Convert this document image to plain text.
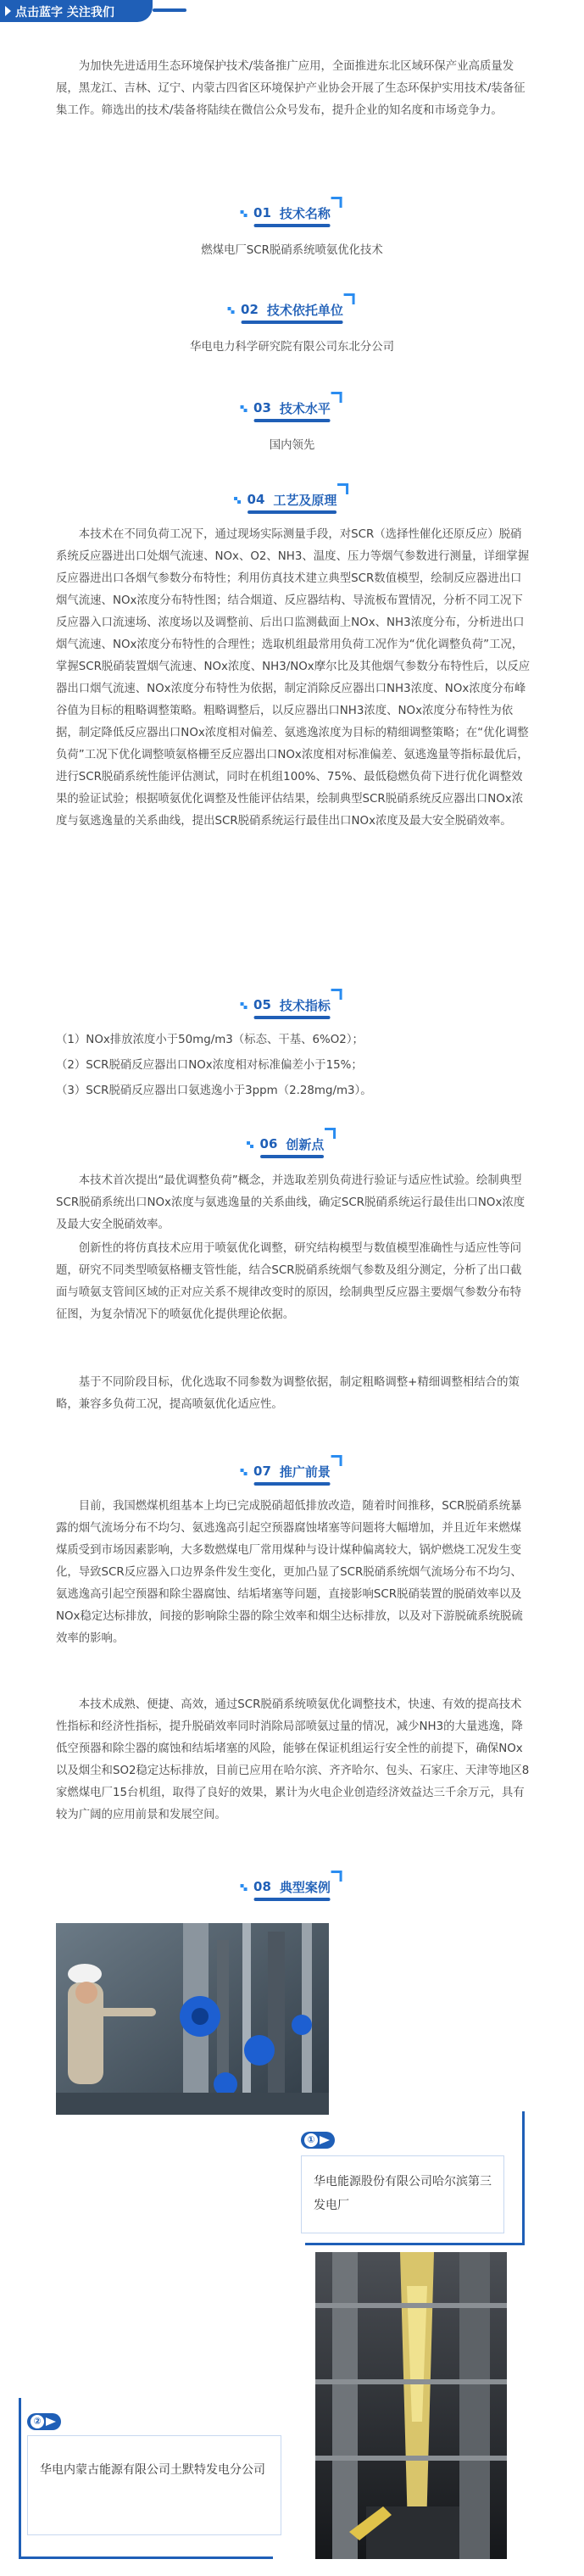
点击蓝字 关注我们

为加快先进适用生态环境保护技术/装备推广应用，全面推进东北区域环保产业高质量发展，黑龙江、吉林、辽宁、内蒙古四省区环境保护产业协会开展了生态环保护实用技术/装备征集工作。筛选出的技术/装备将陆续在微信公众号发布，提升企业的知名度和市场竞争力。

01 技术名称
燃煤电厂SCR脱硝系统喷氨优化技术
02 技术依托单位
华电电力科学研究院有限公司东北分公司
03 技术水平
国内领先
04 工艺及原理

本技术在不同负荷工况下，通过现场实际测量手段，对SCR（选择性催化还原反应）脱硝系统反应器进出口处烟气流速、NOx、O2、NH3、温度、压力等烟气参数进行测量，详细掌握反应器进出口各烟气参数分布特性；利用仿真技术建立典型SCR数值模型，绘制反应器进出口烟气流速、NOx浓度分布特性图；结合烟道、反应器结构、导流板布置情况，分析不同工况下反应器入口流速场、浓度场以及调整前、后出口监测截面上NOx、NH3浓度分布，分析进出口烟气流速、NOx浓度分布特性的合理性；选取机组最常用负荷工况作为“优化调整负荷”工况，掌握SCR脱硝装置烟气流速、NOx浓度、NH3/NOx摩尔比及其他烟气参数分布特性后，以反应器出口烟气流速、NOx浓度分布特性为依据，制定消除反应器出口NH3浓度、NOx浓度分布峰谷值为目标的粗略调整策略。粗略调整后，以反应器出口NH3浓度、NOx浓度分布特性为依据，制定降低反应器出口NOx浓度相对偏差、氨逃逸浓度为目标的精细调整策略；在“优化调整负荷”工况下优化调整喷氨格栅至反应器出口NOx浓度相对标准偏差、氨逃逸量等指标最优后，进行SCR脱硝系统性能评估测试，同时在机组100%、75%、最低稳燃负荷下进行优化调整效果的验证试验；根据喷氨优化调整及性能评估结果，绘制典型SCR脱硝系统反应器出口NOx浓度与氨逃逸量的关系曲线，提出SCR脱硝系统运行最佳出口NOx浓度及最大安全脱硝效率。

05 技术指标

（1）NOx排放浓度小于50mg/m3（标态、干基、6%O2）；

（2）SCR脱硝反应器出口NOx浓度相对标准偏差小于15%；

（3）SCR脱硝反应器出口氨逃逸小于3ppm（2.28mg/m3）。

06 创新点

本技术首次提出“最优调整负荷”概念，并选取差别负荷进行验证与适应性试验。绘制典型SCR脱硝系统出口NOx浓度与氨逃逸量的关系曲线，确定SCR脱硝系统运行最佳出口NOx浓度及最大安全脱硝效率。

创新性的将仿真技术应用于喷氨优化调整，研究结构模型与数值模型准确性与适应性等问题，研究不同类型喷氨格栅支管性能，结合SCR脱硝系统烟气参数及组分测定，分析了出口截面与喷氨支管间区域的正对应关系不规律改变时的原因，绘制典型反应器主要烟气参数分布特征图，为复杂情况下的喷氨优化提供理论依据。

基于不同阶段目标，优化选取不同参数为调整依据，制定粗略调整+精细调整相结合的策略，兼容多负荷工况，提高喷氨优化适应性。

07 推广前景

目前，我国燃煤机组基本上均已完成脱硝超低排放改造，随着时间推移，SCR脱硝系统暴露的烟气流场分布不均匀、氨逃逸高引起空预器腐蚀堵塞等问题将大幅增加，并且近年来燃煤煤质受到市场因素影响，大多数燃煤电厂常用煤种与设计煤种偏离较大，锅炉燃烧工况发生变化，导致SCR反应器入口边界条件发生变化，更加凸显了SCR脱硝系统烟气流场分布不均匀、氨逃逸高引起空预器和除尘器腐蚀、结垢堵塞等问题，直接影响SCR脱硝装置的脱硝效率以及NOx稳定达标排放，间接的影响除尘器的除尘效率和烟尘达标排放，以及对下游脱硫系统脱硫效率的影响。

本技术成熟、便捷、高效，通过SCR脱硝系统喷氨优化调整技术，快速、有效的提高技术性指标和经济性指标，提升脱硝效率同时消除局部喷氨过量的情况，减少NH3的大量逃逸，降低空预器和除尘器的腐蚀和结垢堵塞的风险，能够在保证机组运行安全性的前提下，确保NOx以及烟尘和SO2稳定达标排放，目前已应用在哈尔滨、齐齐哈尔、包头、石家庄、天津等地区8家燃煤电厂15台机组，取得了良好的效果，累计为火电企业创造经济效益达三千余万元，具有较为广阔的应用前景和发展空间。

08 典型案例
①
华电能源股份有限公司哈尔滨第三发电厂
②
华电内蒙古能源有限公司土默特发电分公司
